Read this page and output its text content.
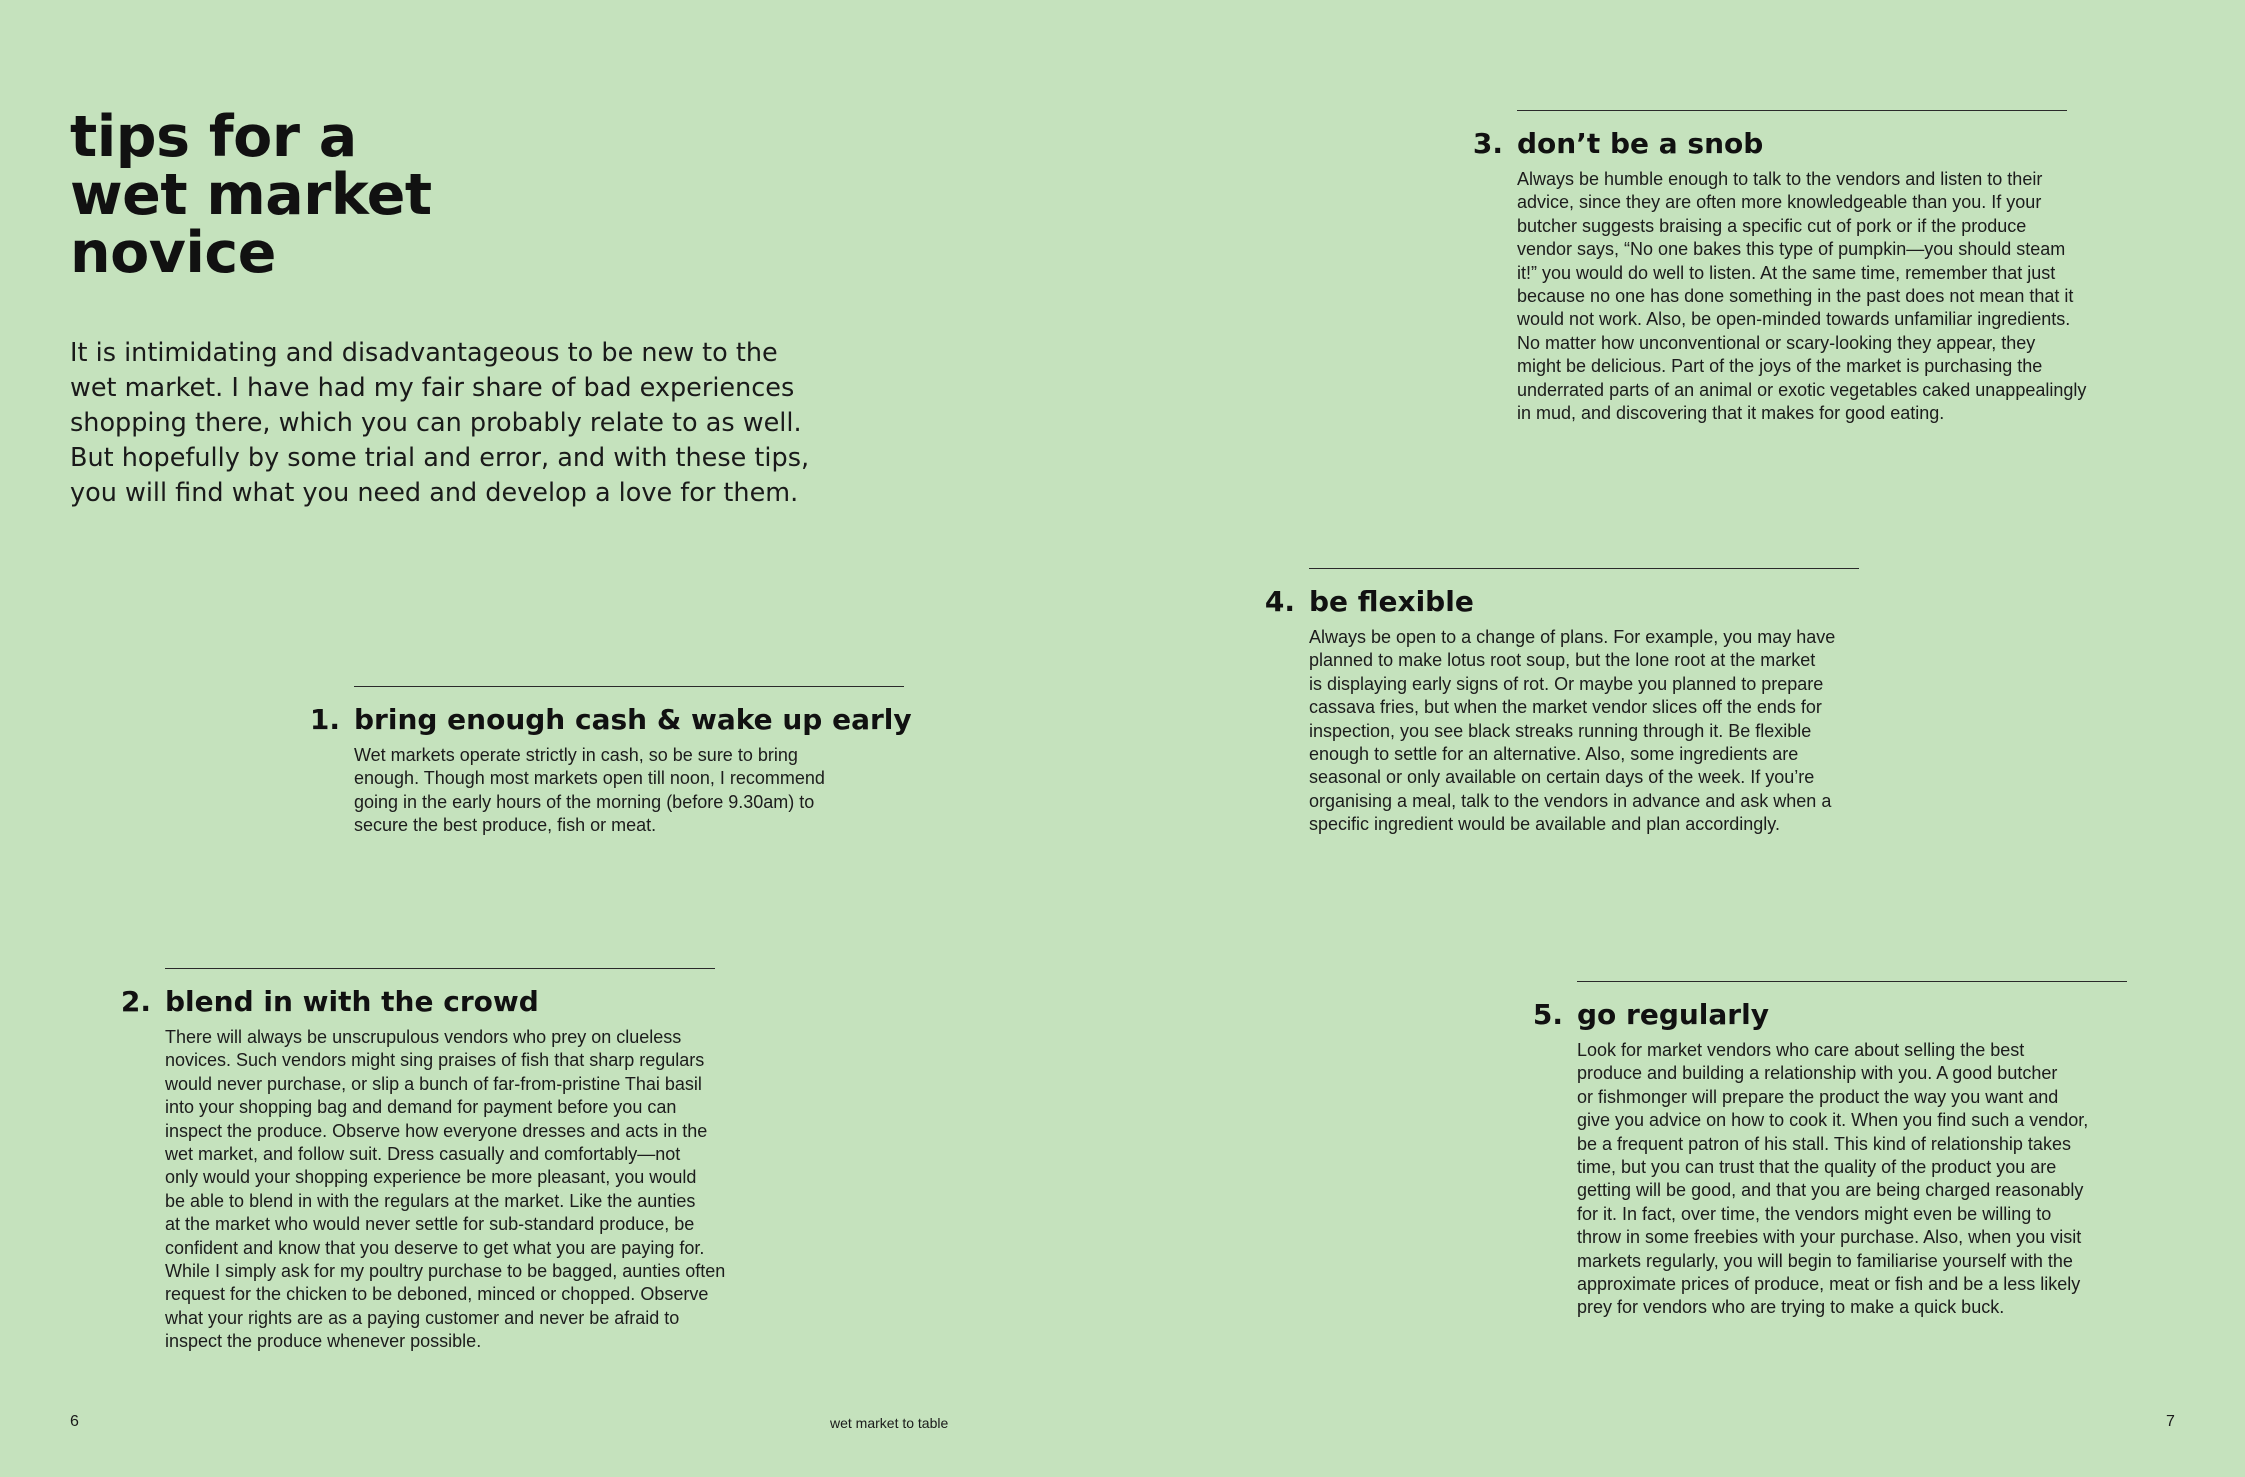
tips for a
wet market
novice

It is intimidating and disadvantageous to be new to the
wet market. I have had my fair share of bad experiences
shopping there, which you can probably relate to as well.
But hopefully by some trial and error, and with these tips,
you will find what you need and develop a love for them.

1. bring enough cash & wake up early

Wet markets operate strictly in cash, so be sure to bring
enough. Though most markets open till noon, I recommend
going in the early hours of the morning (before 9.30am) to
secure the best produce, fish or meat.

2. blend in with the crowd

There will always be unscrupulous vendors who prey on clueless
novices. Such vendors might sing praises of fish that sharp regulars
would never purchase, or slip a bunch of far-from-pristine Thai basil
into your shopping bag and demand for payment before you can
inspect the produce. Observe how everyone dresses and acts in the
wet market, and follow suit. Dress casually and comfortably—not
only would your shopping experience be more pleasant, you would
be able to blend in with the regulars at the market. Like the aunties
at the market who would never settle for sub-standard produce, be
confident and know that you deserve to get what you are paying for.
While I simply ask for my poultry purchase to be bagged, aunties often
request for the chicken to be deboned, minced or chopped. Observe
what your rights are as a paying customer and never be afraid to
inspect the produce whenever possible.

6	wet market to table
3. don’t be a snob

Always be humble enough to talk to the vendors and listen to their
advice, since they are often more knowledgeable than you. If your
butcher suggests braising a specific cut of pork or if the produce
vendor says, “No one bakes this type of pumpkin—you should steam
it!” you would do well to listen. At the same time, remember that just
because no one has done something in the past does not mean that it
would not work. Also, be open-minded towards unfamiliar ingredients.
No matter how unconventional or scary-looking they appear, they
might be delicious. Part of the joys of the market is purchasing the
underrated parts of an animal or exotic vegetables caked unappealingly
in mud, and discovering that it makes for good eating.

4. be flexible

Always be open to a change of plans. For example, you may have
planned to make lotus root soup, but the lone root at the market
is displaying early signs of rot. Or maybe you planned to prepare
cassava fries, but when the market vendor slices off the ends for
inspection, you see black streaks running through it. Be flexible
enough to settle for an alternative. Also, some ingredients are
seasonal or only available on certain days of the week. If you’re
organising a meal, talk to the vendors in advance and ask when a
specific ingredient would be available and plan accordingly.

5. go regularly

Look for market vendors who care about selling the best
produce and building a relationship with you. A good butcher
or fishmonger will prepare the product the way you want and
give you advice on how to cook it. When you find such a vendor,
be a frequent patron of his stall. This kind of relationship takes
time, but you can trust that the quality of the product you are
getting will be good, and that you are being charged reasonably
for it. In fact, over time, the vendors might even be willing to
throw in some freebies with your purchase. Also, when you visit
markets regularly, you will begin to familiarise yourself with the
approximate prices of produce, meat or fish and be a less likely
prey for vendors who are trying to make a quick buck.

7
